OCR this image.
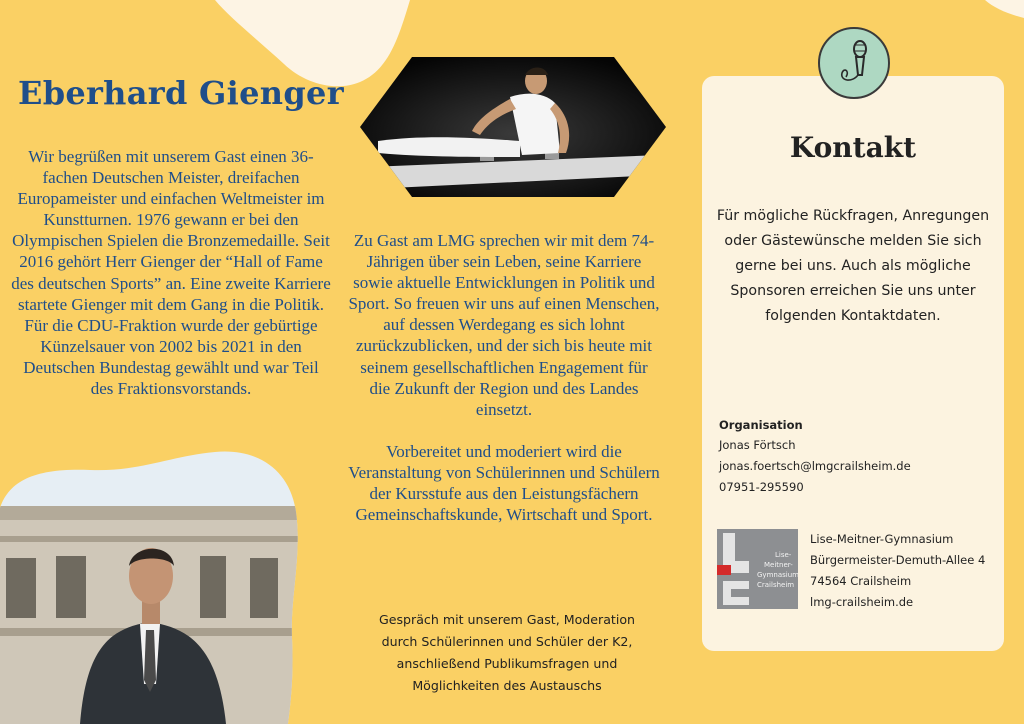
Eberhard Gienger

Wir begrüßen mit unserem Gast einen 36-fachen Deutschen Meister, dreifachen Europameister und einfachen Weltmeister im Kunstturnen. 1976 gewann er bei den Olympischen Spielen die Bronzemedaille. Seit 2016 gehört Herr Gienger der “Hall of Fame des deutschen Sports” an. Eine zweite Karriere startete Gienger mit dem Gang in die Politik. Für die CDU-Fraktion wurde der gebürtige Künzelsauer von 2002 bis 2021 in den Deutschen Bundestag gewählt und war Teil des Fraktionsvorstands.

Zu Gast am LMG sprechen wir mit dem 74-Jährigen über sein Leben, seine Karriere sowie aktuelle Entwicklungen in Politik und Sport. So freuen wir uns auf einen Menschen, auf dessen Werdegang es sich lohnt zurückzublicken, und der sich bis heute mit seinem gesellschaftlichen Engagement für die Zukunft der Region und des Landes einsetzt.

Vorbereitet und moderiert wird die Veranstaltung von Schülerinnen und Schülern der Kursstufe aus den Leistungsfächern Gemeinschaftskunde, Wirtschaft und Sport.

Gespräch mit unserem Gast, Moderation durch Schülerinnen und Schüler der K2, anschließend Publikumsfragen und Möglichkeiten des Austauschs

Kontakt

Für mögliche Rückfragen, Anregungen oder Gästewünsche melden Sie sich gerne bei uns. Auch als mögliche Sponsoren erreichen Sie uns unter folgenden Kontaktdaten.

Organisation

Jonas Förtsch

jonas.foertsch@lmgcrailsheim.de

07951-295590

Lise-
Meitner-
Gymnasium
Crailsheim

Lise-Meitner-Gymnasium

Bürgermeister-Demuth-Allee 4

74564 Crailsheim

lmg-crailsheim.de
